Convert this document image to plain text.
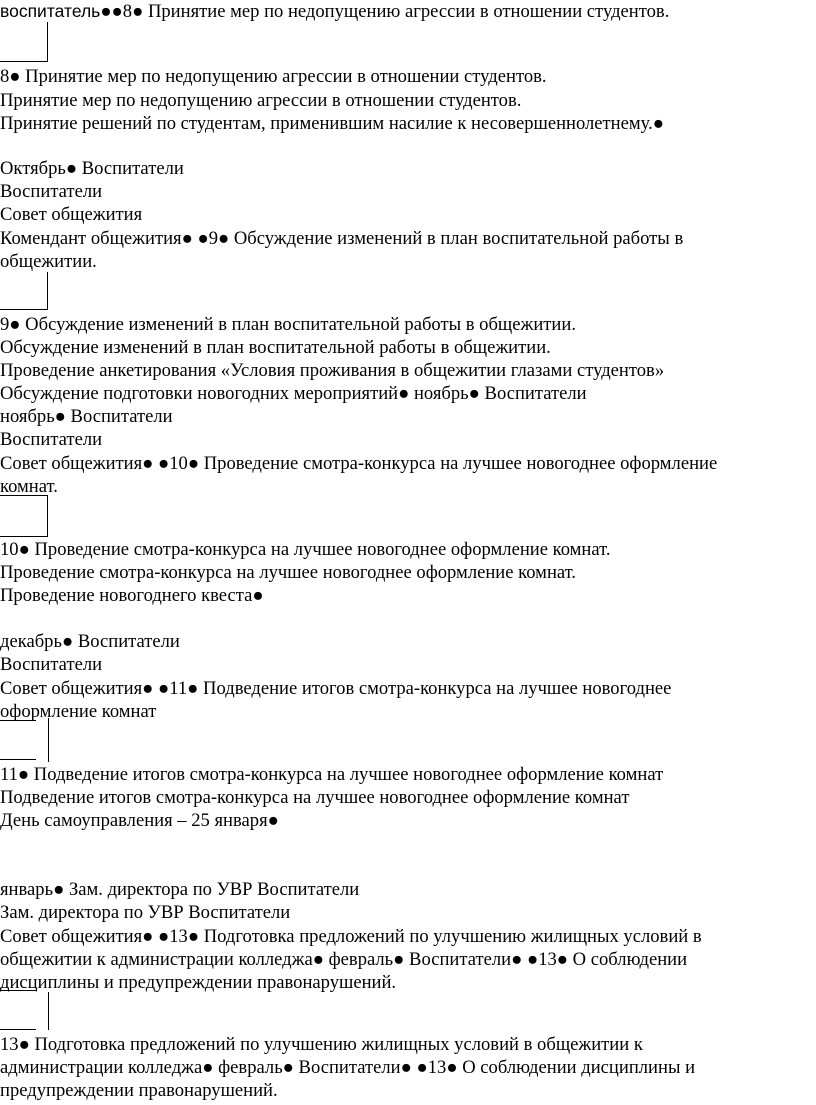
воспитатель●●8● Принятие мер по недопущению агрессии в отношении студентов.
8● Принятие мер по недопущению агрессии в отношении студентов.
Принятие мер по недопущению агрессии в отношении студентов.
Принятие решений по студентам, применившим насилие к несовершеннолетнему.●
Октябрь● Воспитатели
Воспитатели
Совет общежития
Комендант общежития● ●9● Обсуждение изменений в план воспитательной работы в
общежитии.
9● Обсуждение изменений в план воспитательной работы в общежитии.
Обсуждение изменений в план воспитательной работы в общежитии.
Проведение анкетирования «Условия проживания в общежитии глазами студентов»
Обсуждение подготовки новогодних мероприятий● ноябрь● Воспитатели
ноябрь● Воспитатели
Воспитатели
Совет общежития● ●10● Проведение смотра-конкурса на лучшее новогоднее оформление
комнат.
10● Проведение смотра-конкурса на лучшее новогоднее оформление комнат.
Проведение смотра-конкурса на лучшее новогоднее оформление комнат.
Проведение новогоднего квеста●
декабрь● Воспитатели
Воспитатели
Совет общежития● ●11● Подведение итогов смотра-конкурса на лучшее новогоднее
оформление комнат
11● Подведение итогов смотра-конкурса на лучшее новогоднее оформление комнат
Подведение итогов смотра-конкурса на лучшее новогоднее оформление комнат
День самоуправления – 25 января●
январь● Зам. директора по УВР Воспитатели
Зам. директора по УВР Воспитатели
Совет общежития● ●13● Подготовка предложений по улучшению жилищных условий в
общежитии к администрации колледжа● февраль● Воспитатели● ●13● О соблюдении
дисциплины и предупреждении правонарушений.
13● Подготовка предложений по улучшению жилищных условий в общежитии к
администрации колледжа● февраль● Воспитатели● ●13● О соблюдении дисциплины и
предупреждении правонарушений.
